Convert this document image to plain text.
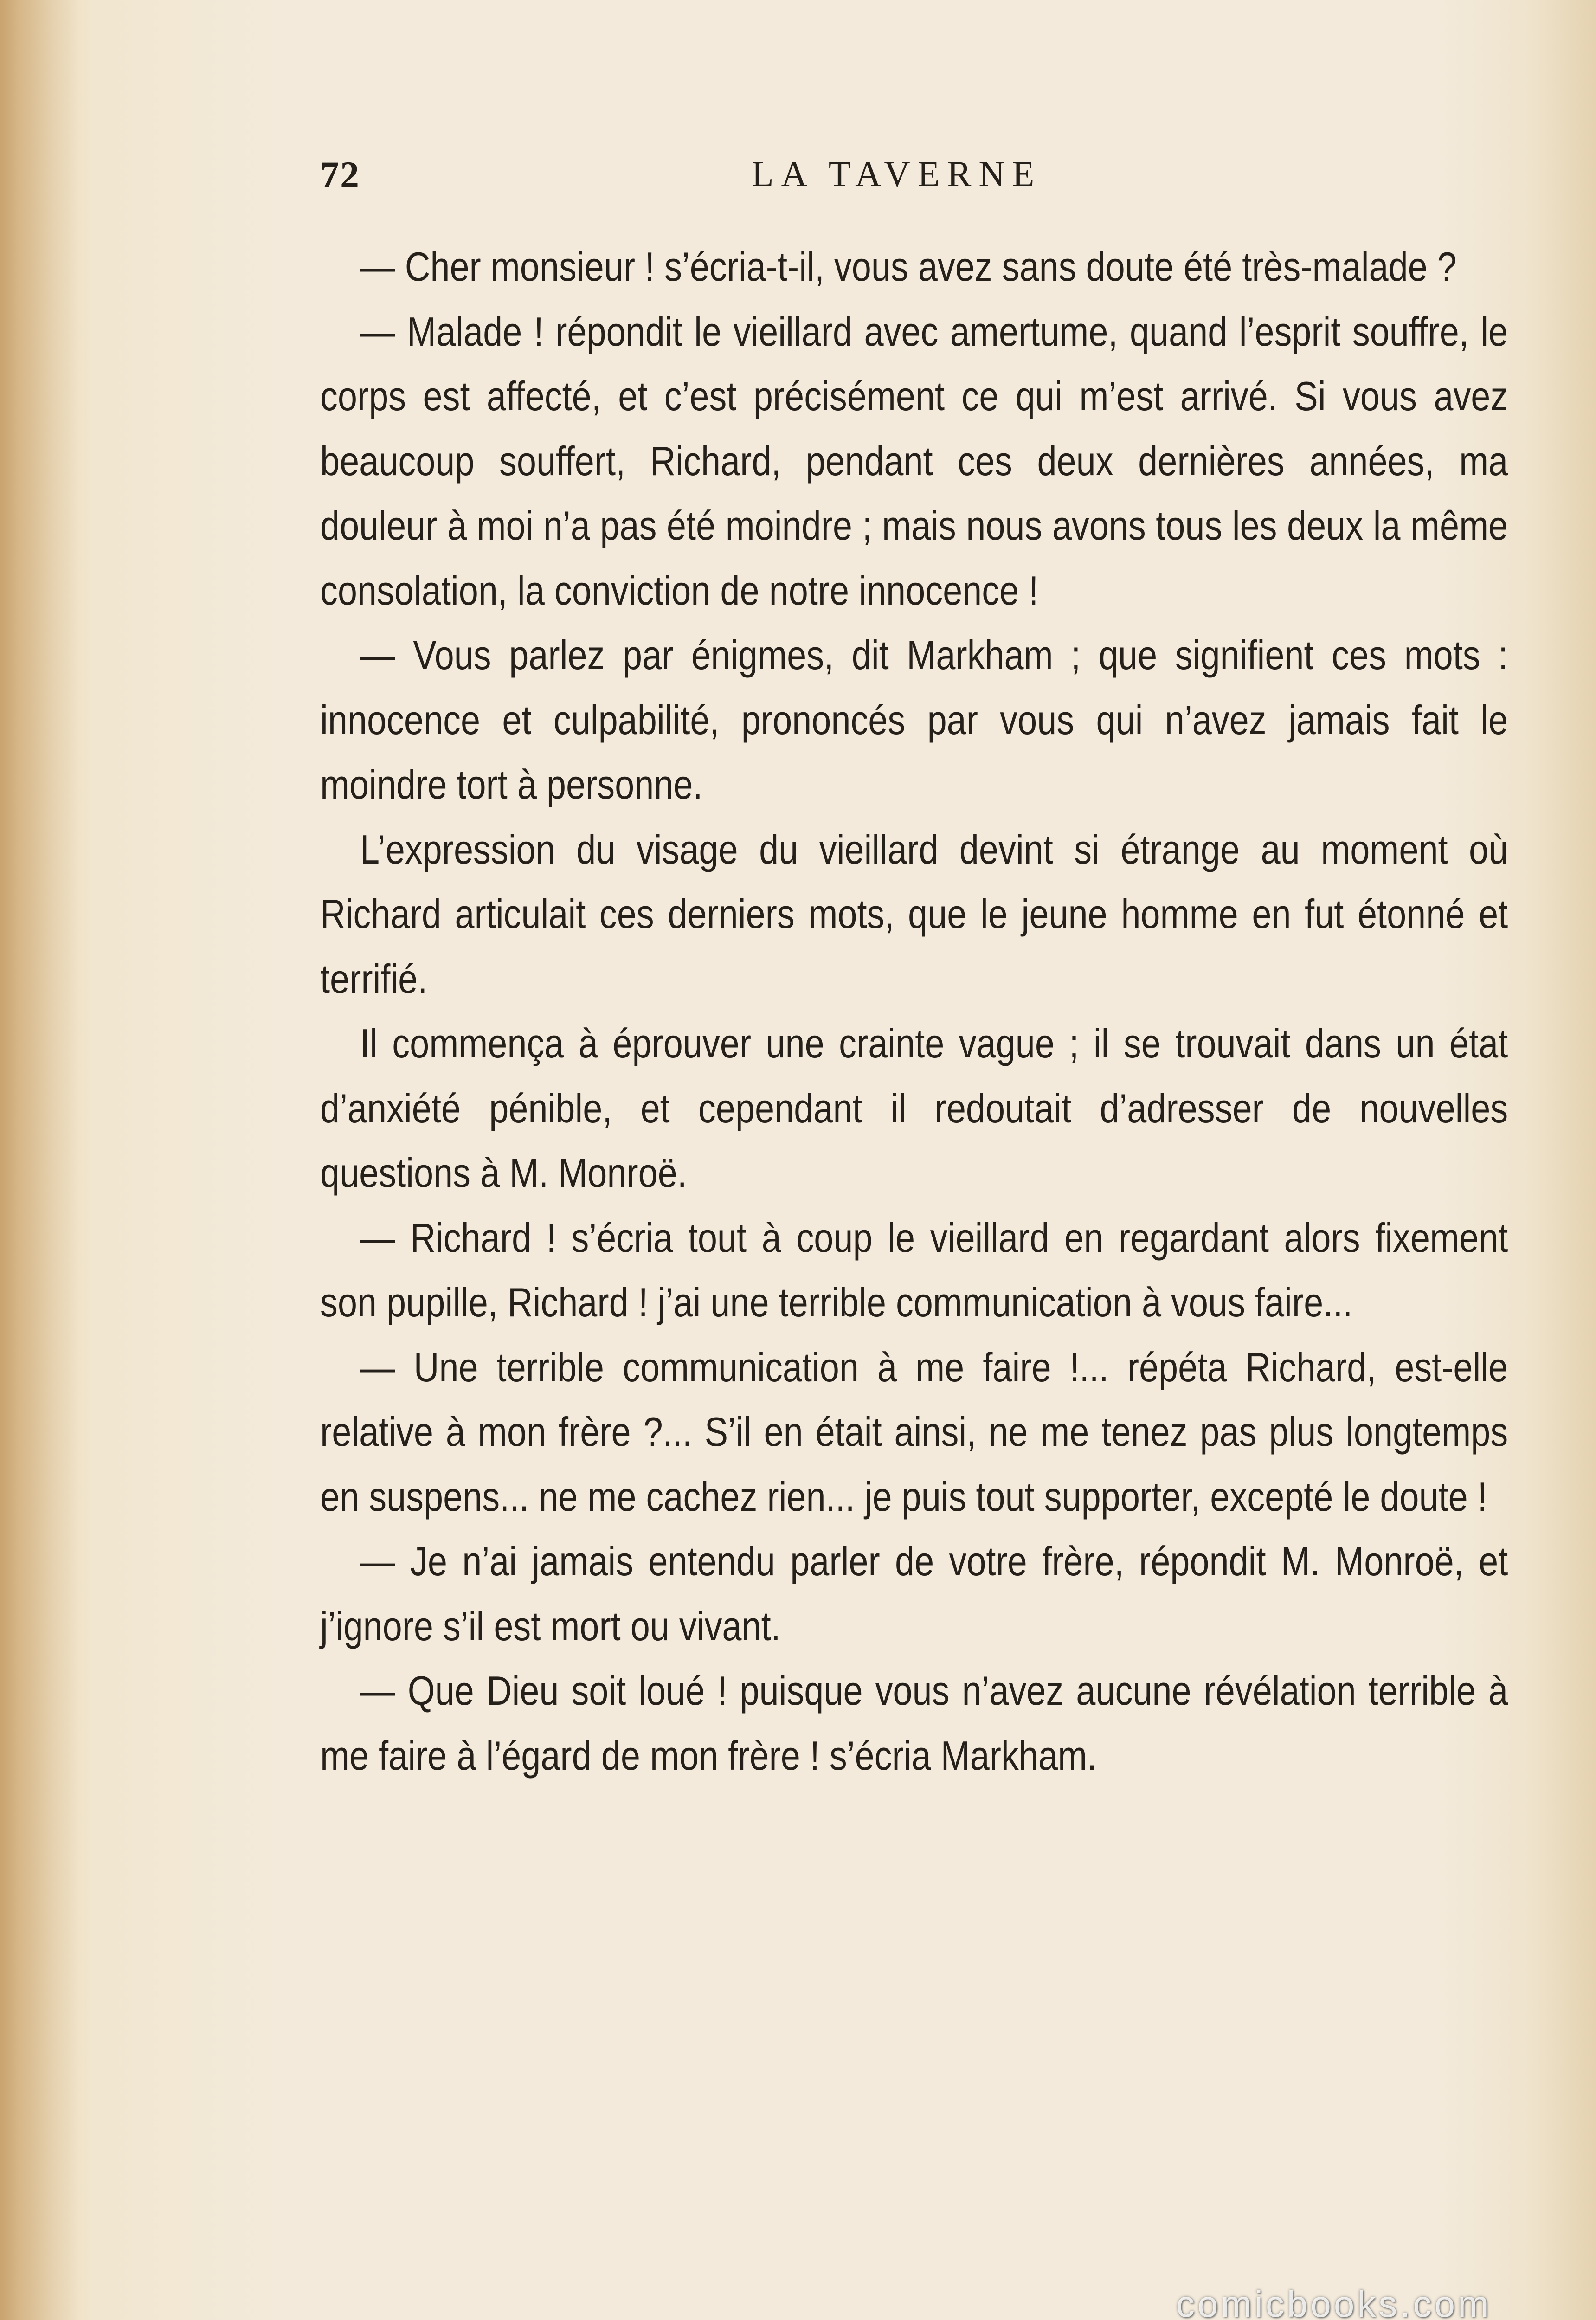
72	LA TAVERNE

— Cher monsieur ! s’écria-t-il, vous avez sans doute été très-malade ?

— Malade ! répondit le vieillard avec amertume, quand l’esprit souffre, le corps est affecté, et c’est précisément ce qui m’est arrivé. Si vous avez beaucoup souffert, Richard, pendant ces deux dernières années, ma douleur à moi n’a pas été moindre ; mais nous avons tous les deux la même consolation, la conviction de notre innocence !

— Vous parlez par énigmes, dit Markham ; que signifient ces mots : innocence et culpabilité, prononcés par vous qui n’avez jamais fait le moindre tort à personne.

L’expression du visage du vieillard devint si étrange au moment où Richard articulait ces derniers mots, que le jeune homme en fut étonné et terrifié.

Il commença à éprouver une crainte vague ; il se trouvait dans un état d’anxiété pénible, et cependant il redoutait d’adresser de nouvelles questions à M. Monroë.

— Richard ! s’écria tout à coup le vieillard en regardant alors fixement son pupille, Richard ! j’ai une terrible communication à vous faire...

— Une terrible communication à me faire !... répéta Richard, est-elle relative à mon frère ?... S’il en était ainsi, ne me tenez pas plus longtemps en suspens... ne me cachez rien... je puis tout supporter, excepté le doute !

— Je n’ai jamais entendu parler de votre frère, répondit M. Monroë, et j’ignore s’il est mort ou vivant.

— Que Dieu soit loué ! puisque vous n’avez aucune révélation terrible à me faire à l’égard de mon frère ! s’écria Markham.

comicbooks.com
